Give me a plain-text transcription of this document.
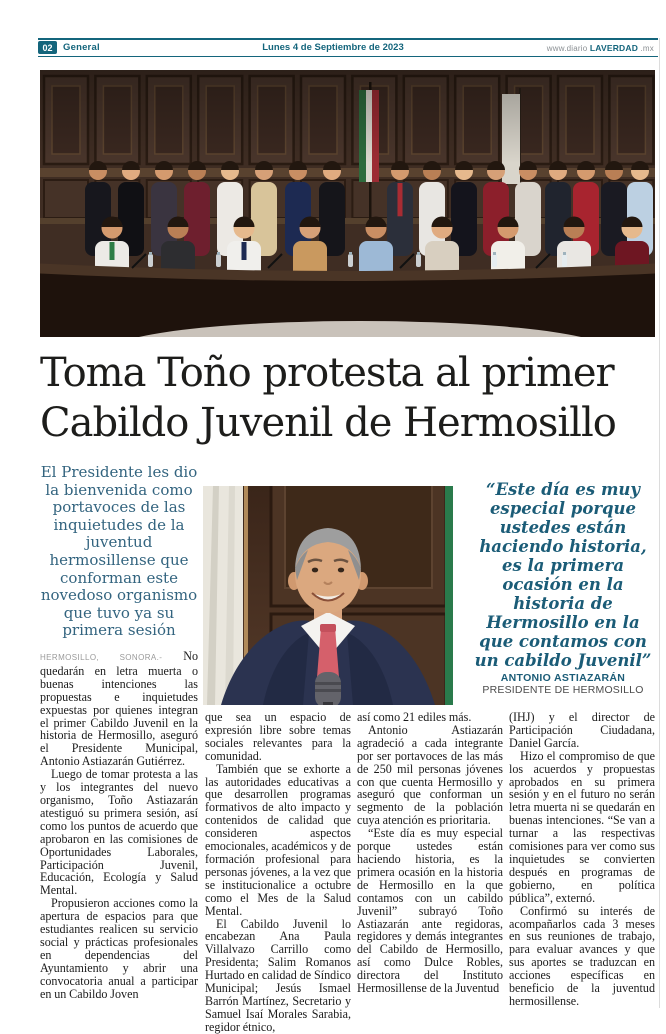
02	General	Lunes 4 de Septiembre de 2023	www.diario LAVERDAD .mx
Toma Toño protesta al primer
Cabildo Juvenil de Hermosillo
El Presidente les dio la bienvenida como portavoces de las inquietudes de la juventud hermosillense que conforman este novedoso organismo que tuvo ya su primera sesión
“Este día es muy especial porque ustedes están haciendo historia, es la primera ocasión en la historia de Hermosillo en la que contamos con un cabildo Juvenil”
ANTONIO ASTIAZARÁN
PRESIDENTE DE HERMOSILLO

HERMOSILLO, SONORA.- No quedarán en letra muerta o buenas intenciones las propuestas e inquietudes expuestas por quienes integran el primer Cabildo Juvenil en la historia de Hermosillo, aseguró el Presidente Municipal, Antonio Astiazarán Gutiérrez.

Luego de tomar protesta a las y los integrantes del nuevo organismo, Toño Astiazarán atestiguó su primera sesión, así como los puntos de acuerdo que aprobaron en las comisiones de Oportunidades Laborales, Participación Juvenil, Educación, Ecología y Salud Mental.

Propusieron acciones como la apertura de espacios para que estudiantes realicen su servicio social y prácticas profesionales en dependencias del Ayuntamiento y abrir una convocatoria anual a participar en un Cabildo Joven

que sea un espacio de expresión libre sobre temas sociales relevantes para la comunidad.

También que se exhorte a las autoridades educativas a que desarrollen programas formativos de alto impacto y contenidos de calidad que consideren aspectos emocionales, académicos y de formación profesional para personas jóvenes, a la vez que se institucionalice a octubre como el Mes de la Salud Mental.

El Cabildo Juvenil lo encabezan Ana Paula Villalvazo Carrillo como Presidenta; Salim Romanos Hurtado en calidad de Síndico Municipal; Jesús Ismael Barrón Martínez, Secretario y Samuel Isaí Morales Sarabia, regidor étnico,

así como 21 ediles más.

Antonio Astiazarán agradeció a cada integrante por ser portavoces de las más de 250 mil personas jóvenes con que cuenta Hermosillo y aseguró que conforman un segmento de la población cuya atención es prioritaria.

“Este día es muy especial porque ustedes están haciendo historia, es la primera ocasión en la historia de Hermosillo en la que contamos con un cabildo Juvenil” subrayó Toño Astiazarán ante regidoras, regidores y demás integrantes del Cabildo de Hermosillo, así como Dulce Robles, directora del Instituto Hermosillense de la Juventud

(IHJ) y el director de Participación Ciudadana, Daniel García.

Hizo el compromiso de que los acuerdos y propuestas aprobados en su primera sesión y en el futuro no serán letra muerta ni se quedarán en buenas intenciones. “Se van a turnar a las respectivas comisiones para ver como sus inquietudes se convierten después en programas de gobierno, en política pública”, externó.

Confirmó su interés de acompañarlos cada 3 meses en sus reuniones de trabajo, para evaluar avances y que sus aportes se traduzcan en acciones específicas en beneficio de la juventud hermosillense.
